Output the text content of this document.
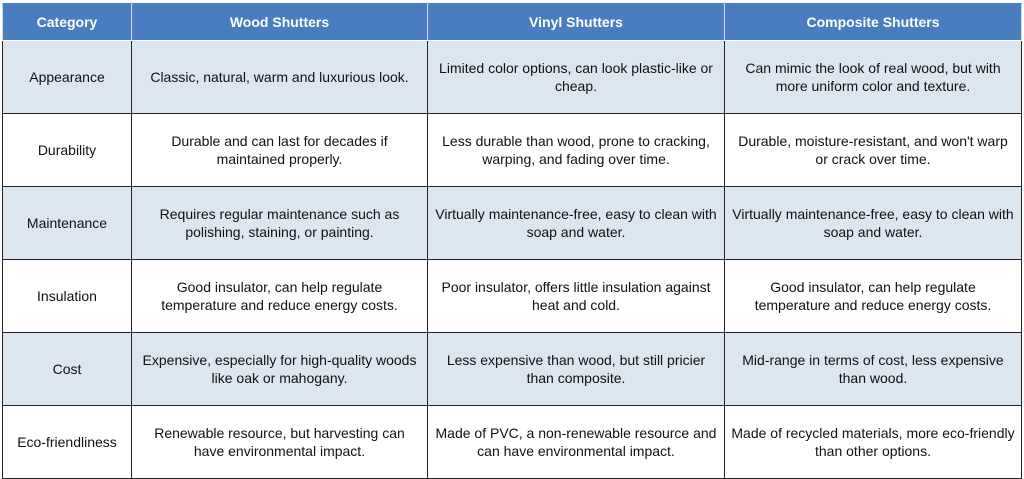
Category	Wood Shutters	Vinyl Shutters	Composite Shutters
Appearance	Classic, natural, warm and luxurious look.	Limited color options, can look plastic-like or cheap.	Can mimic the look of real wood, but with more uniform color and texture.
Durability	Durable and can last for decades if maintained properly.	Less durable than wood, prone to cracking, warping, and fading over time.	Durable, moisture-resistant, and won't warp or crack over time.
Maintenance	Requires regular maintenance such as polishing, staining, or painting.	Virtually maintenance-free, easy to clean with soap and water.	Virtually maintenance-free, easy to clean with soap and water.
Insulation	Good insulator, can help regulate temperature and reduce energy costs.	Poor insulator, offers little insulation against heat and cold.	Good insulator, can help regulate temperature and reduce energy costs.
Cost	Expensive, especially for high-quality woods like oak or mahogany.	Less expensive than wood, but still pricier than composite.	Mid-range in terms of cost, less expensive than wood.
Eco-friendliness	Renewable resource, but harvesting can have environmental impact.	Made of PVC, a non-renewable resource and can have environmental impact.	Made of recycled materials, more eco-friendly than other options.
